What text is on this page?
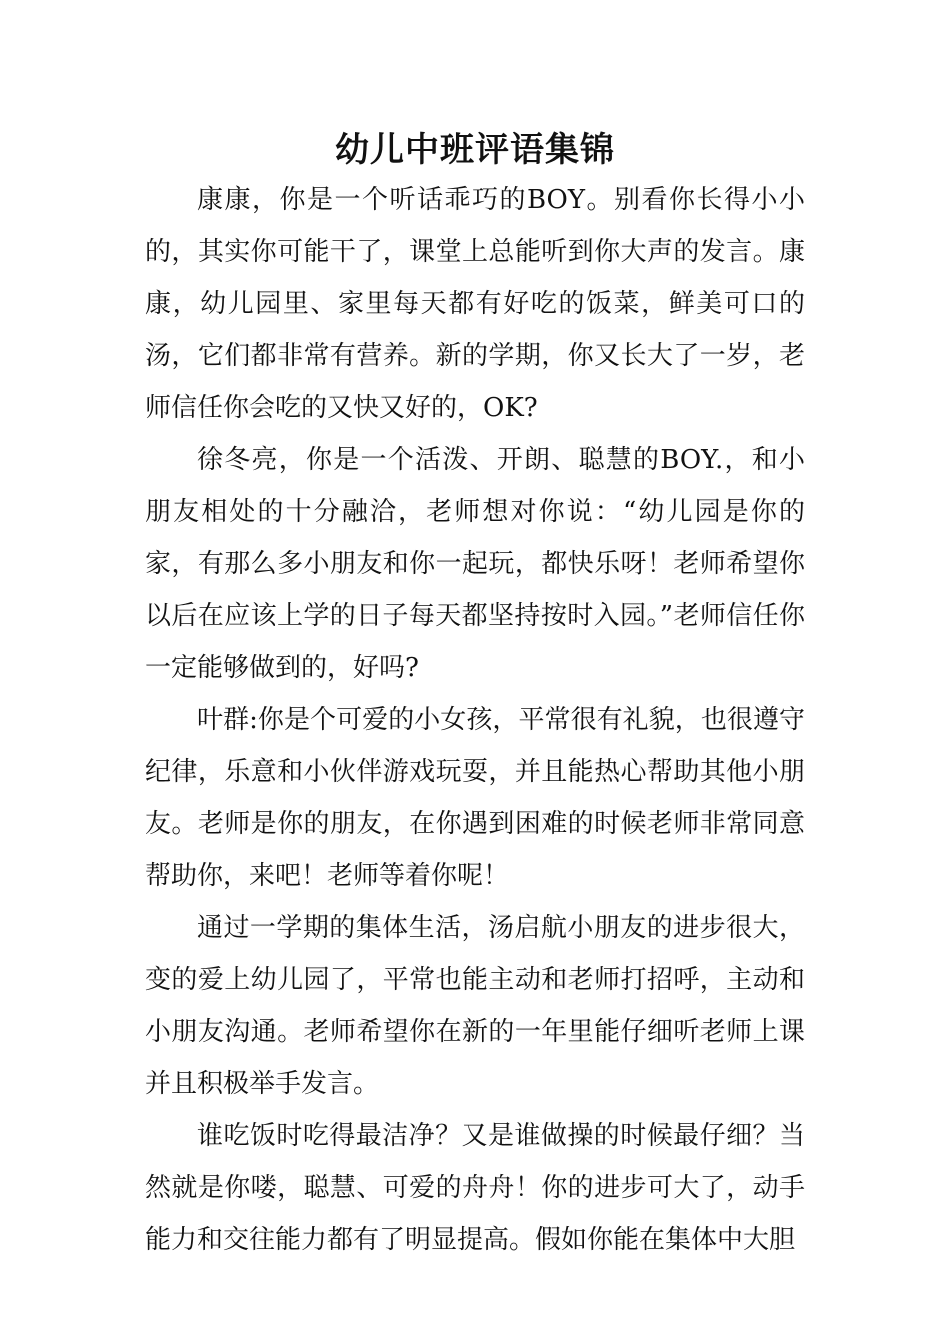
幼儿中班评语集锦

康康，你是一个听话乖巧的BOY。别看你长得小小的，其实你可能干了，课堂上总能听到你大声的发言。康康，幼儿园里、家里每天都有好吃的饭菜，鲜美可口的汤，它们都非常有营养。新的学期，你又长大了一岁，老师信任你会吃的又快又好的，OK?

徐冬亮，你是一个活泼、开朗、聪慧的BOY.，和小朋友相处的十分融洽，老师想对你说：“幼儿园是你的家，有那么多小朋友和你一起玩，都快乐呀！老师希望你以后在应该上学的日子每天都坚持按时入园。”老师信任你一定能够做到的，好吗?

叶群:你是个可爱的小女孩，平常很有礼貌，也很遵守纪律，乐意和小伙伴游戏玩耍，并且能热心帮助其他小朋友。老师是你的朋友，在你遇到困难的时候老师非常同意帮助你，来吧！老师等着你呢！

通过一学期的集体生活，汤启航小朋友的进步很大，变的爱上幼儿园了，平常也能主动和老师打招呼，主动和小朋友沟通。老师希望你在新的一年里能仔细听老师上课并且积极举手发言。

谁吃饭时吃得最洁净？又是谁做操的时候最仔细？当然就是你喽，聪慧、可爱的舟舟！你的进步可大了，动手能力和交往能力都有了明显提高。假如你能在集体中大胆
